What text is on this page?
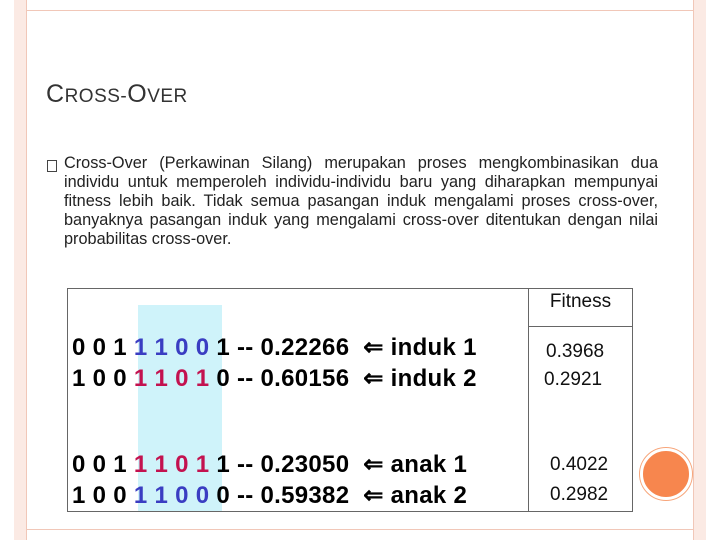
CROSS-OVER
Cross-Over (Perkawinan Silang) merupakan proses mengkombinasikan dua individu untuk memperoleh individu-individu baru yang diharapkan mempunyai fitness lebih baik. Tidak semua pasangan induk mengalami proses cross-over, banyaknya pasangan induk yang mengalami cross-over ditentukan dengan nilai probabilitas cross-over.
Fitness
0 0 1 1 1 0 0 1 -- 0.22266  ⇐ induk 1
1 0 0 1 1 0 1 0 -- 0.60156  ⇐ induk 2
0 0 1 1 1 0 1 1 -- 0.23050  ⇐ anak 1
1 0 0 1 1 0 0 0 -- 0.59382  ⇐ anak 2
0.3968
0.2921
0.4022
0.2982
